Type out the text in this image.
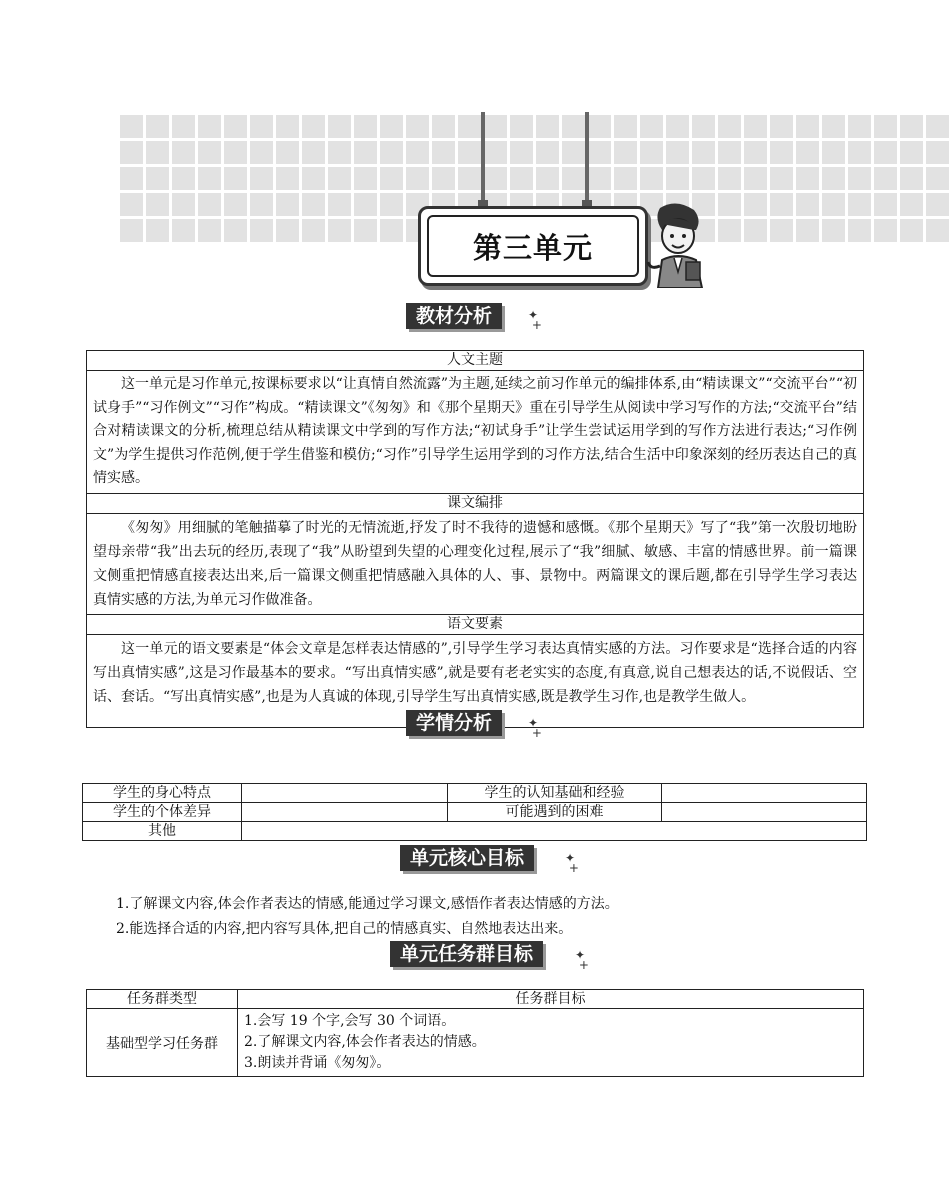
第三单元
教材分析	✦
+
人文主题
这一单元是习作单元,按课标要求以“让真情自然流露”为主题,延续之前习作单元的编排体系,由“精读课文”“交流平台”“初试身手”“习作例文”“习作”构成。“精读课文”《匆匆》和《那个星期天》重在引导学生从阅读中学习写作的方法;“交流平台”结合对精读课文的分析,梳理总结从精读课文中学到的写作方法;“初试身手”让学生尝试运用学到的写作方法进行表达;“习作例文”为学生提供习作范例,便于学生借鉴和模仿;“习作”引导学生运用学到的习作方法,结合生活中印象深刻的经历表达自己的真情实感。
课文编排
《匆匆》用细腻的笔触描摹了时光的无情流逝,抒发了时不我待的遗憾和感慨。《那个星期天》写了“我”第一次殷切地盼望母亲带“我”出去玩的经历,表现了“我”从盼望到失望的心理变化过程,展示了“我”细腻、敏感、丰富的情感世界。前一篇课文侧重把情感直接表达出来,后一篇课文侧重把情感融入具体的人、事、景物中。两篇课文的课后题,都在引导学生学习表达真情实感的方法,为单元习作做准备。
语文要素
这一单元的语文要素是“体会文章是怎样表达情感的”,引导学生学习表达真情实感的方法。习作要求是“选择合适的内容写出真情实感”,这是习作最基本的要求。“写出真情实感”,就是要有老老实实的态度,有真意,说自己想表达的话,不说假话、空话、套话。“写出真情实感”,也是为人真诚的体现,引导学生写出真情实感,既是教学生习作,也是教学生做人。
学情分析	✦
+
学生的身心特点		学生的认知基础和经验	
学生的个体差异		可能遇到的困难	
其他			
单元核心目标	✦
+
1.了解课文内容,体会作者表达的情感,能通过学习课文,感悟作者表达情感的方法。
2.能选择合适的内容,把内容写具体,把自己的情感真实、自然地表达出来。
单元任务群目标	✦
+
任务群类型	任务群目标
基础型学习任务群	1.会写 19 个字,会写 30 个词语。
2.了解课文内容,体会作者表达的情感。
3.朗读并背诵《匆匆》。
